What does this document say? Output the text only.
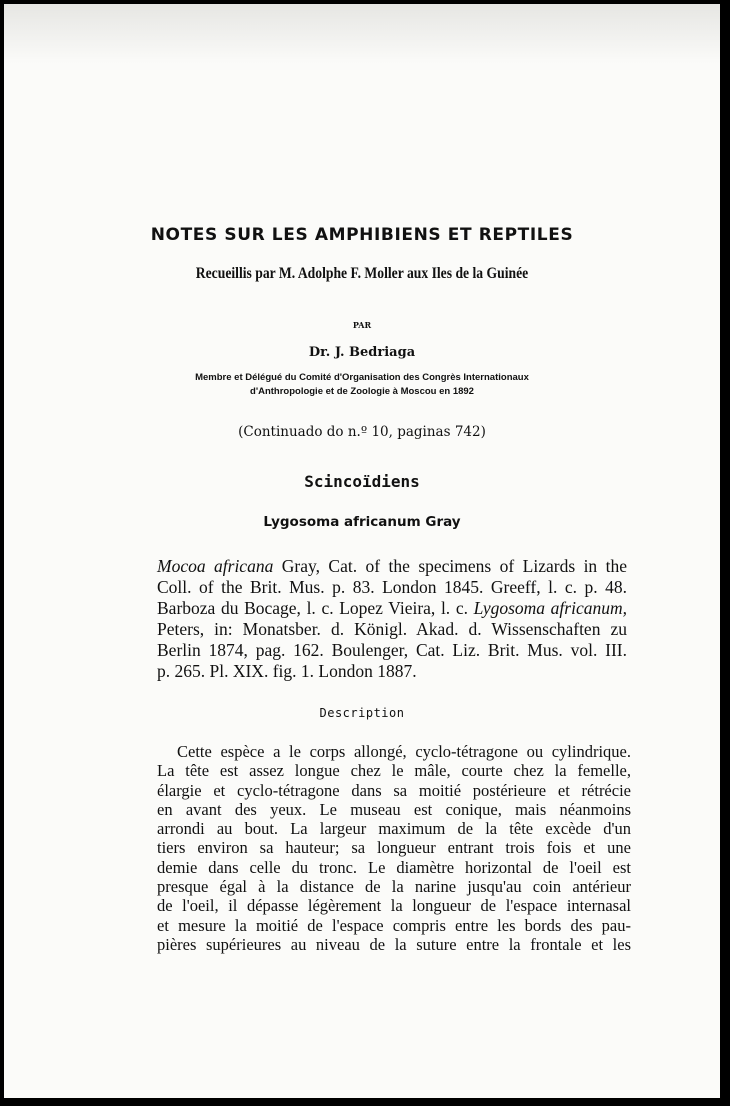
NOTES SUR LES AMPHIBIENS ET REPTILES
Recueillis par M. Adolphe F. Moller aux Iles de la Guinée
PAR
Dr. J. Bedriaga
Membre et Délégué du Comité d'Organisation des Congrès Internationaux
d'Anthropologie et de Zoologie à Moscou en 1892
(Continuado do n.º 10, paginas 742)
Scincoïdiens
Lygosoma africanum Gray
Mocoa africana Gray, Cat. of the specimens of Lizards in the
Coll. of the Brit. Mus. p. 83. London 1845. Greeff, l. c. p. 48.
Barboza du Bocage, l. c. Lopez Vieira, l. c. Lygosoma africanum,
Peters, in: Monatsber. d. Königl. Akad. d. Wissenschaften zu
Berlin 1874, pag. 162. Boulenger, Cat. Liz. Brit. Mus. vol. III.
p. 265. Pl. XIX. fig. 1. London 1887.
Description
Cette espèce a le corps allongé, cyclo-tétragone ou cylindrique.
La tête est assez longue chez le mâle, courte chez la femelle,
élargie et cyclo-tétragone dans sa moitié postérieure et rétrécie
en avant des yeux. Le museau est conique, mais néanmoins
arrondi au bout. La largeur maximum de la tête excède d'un
tiers environ sa hauteur; sa longueur entrant trois fois et une
demie dans celle du tronc. Le diamètre horizontal de l'oeil est
presque égal à la distance de la narine jusqu'au coin antérieur
de l'oeil, il dépasse légèrement la longueur de l'espace internasal
et mesure la moitié de l'espace compris entre les bords des pau-
pières supérieures au niveau de la suture entre la frontale et les
